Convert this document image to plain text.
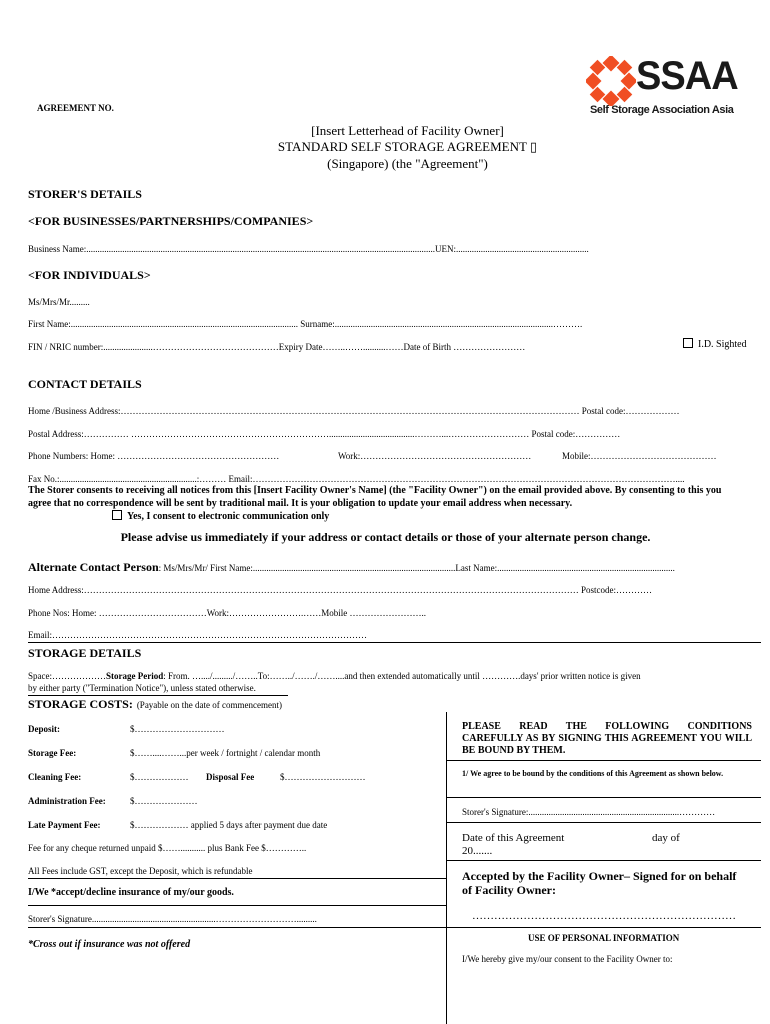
SSAA
Self Storage Association Asia
AGREEMENT NO.
[Insert Letterhead of Facility Owner]
STANDARD SELF STORAGE AGREEMENT ▯
(Singapore) (the "Agreement")
STORER'S DETAILS
<FOR BUSINESSES/PARTNERSHIPS/COMPANIES>
Business Name:...........................................................................................................................................................UEN:...........................................................
<FOR INDIVIDUALS>
Ms/Mrs/Mr.........
First Name:..................................................................................................... Surname:.................................................................................................……….
FIN / NRIC number:......................……………………………………Expiry Date……..……..........……Date of Birth ……………………	I.D. Sighted
CONTACT DETAILS
Home /Business Address:……………………………………………………………………………………………………………………………………… Postal code:………………
Postal Address:…………… …………………………………………………………......................................………...……………………… Postal code:……………
Phone Numbers: Home: ………………………………………………	Work:…………………………………………………	Mobile:……………………………………
Fax No.:.............................................................:……… Email:……………………………………………………………………………………………………………………………....
The Storer consents to receiving all notices from this [Insert Facility Owner's Name] (the "Facility Owner") on the email provided above. By consenting to this you agree that no correspondence will be sent by traditional mail. It is your obligation to update your email address when necessary.
Yes, I consent to electronic communication only
Please advise us immediately if your address or contact details or those of your alternate person change.
Alternate Contact Person: Ms/Mrs/Mr/ First Name:..........................................................................................Last Name:...............................................................................
Home Address:………………………………………………………………………………………………………………………………………………… Postcode:…………
Phone Nos: Home: ………………………………Work:…………………….……Mobile ……………………..
Email:……………………………………………………………………………………………
STORAGE DETAILS
Space:………………Storage Period: From. …..../........./……..To:……../……./……....and then extended automatically until ………….days' prior written notice is given
by either party ("Termination Notice"), unless stated otherwise.
STORAGE COSTS: (Payable on the date of commencement)
Deposit:	$…………………………
Storage Fee:	$……....……...per week / fortnight / calendar month
Cleaning Fee:	$……………… Disposal Fee	$………………………
Administration Fee:	$…………………
Late Payment Fee:	$……………… applied 5 days after payment due date
Fee for any cheque returned unpaid $……........... plus Bank Fee $…………..
All Fees include GST, except the Deposit, which is refundable
I/We *accept/decline insurance of my/our goods.
Storer's Signature.......................................................……………………….........
*Cross out if insurance was not offered
PLEASE READ THE FOLLOWING CONDITIONS CAREFULLY AS BY SIGNING THIS AGREEMENT YOU WILL BE BOUND BY THEM.
1/ We agree to be bound by the conditions of this Agreement as shown below.
Storer's Signature:...................................................................…………
Date of this Agreement	day of
20.......
Accepted by the Facility Owner– Signed for on behalf of Facility Owner:
………………………………………………………………
USE OF PERSONAL INFORMATION
I/We hereby give my/our consent to the Facility Owner to:
